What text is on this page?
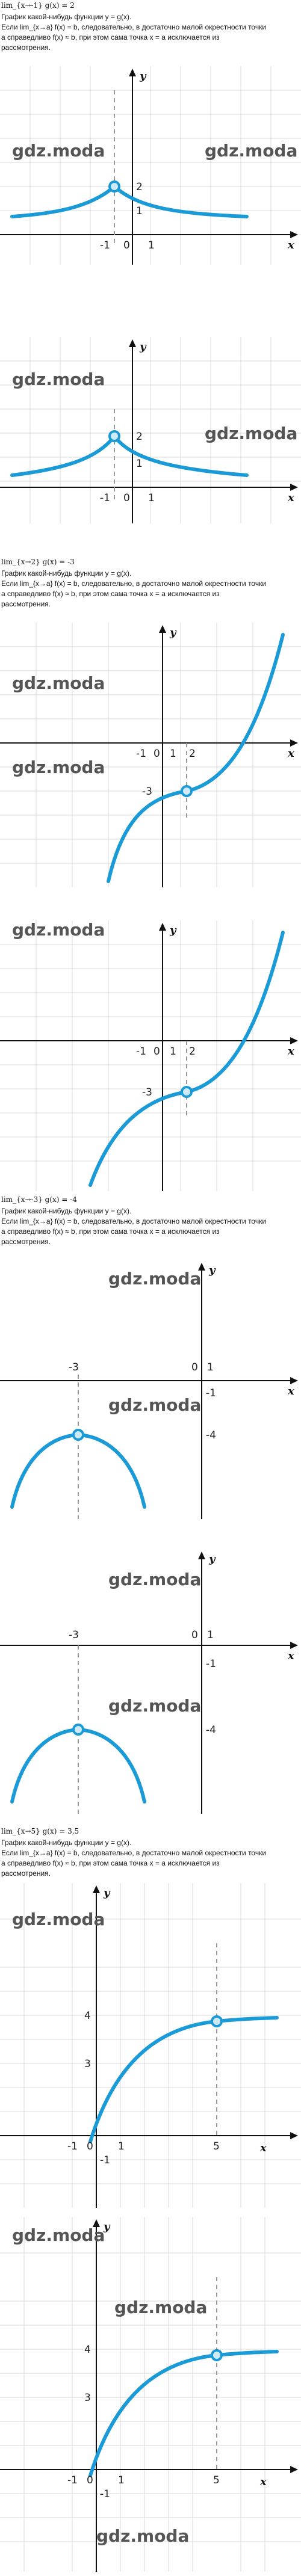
lim_{x→-1} g(x) = 2

График какой-нибудь функции y = g(x).
Если lim_{x→a} f(x) = b, следовательно, в достаточно малой окрестности точки
a справедливо f(x) ≈ b, при этом сама точка x = a исключается из
рассмотрения.
-1 0 1
1
2
x
y
gdz.moda	gdz.moda
-1 0 1
1
2
x
y
gdz.moda
gdz.moda

lim_{x→2} g(x) = -3

График какой-нибудь функции y = g(x).
Если lim_{x→a} f(x) = b, следовательно, в достаточно малой окрестности точки
a справедливо f(x) ≈ b, при этом сама точка x = a исключается из
рассмотрения.
-1 0 1 2
-3
x
y
gdz.moda
gdz.moda
-1 0 1 2
-3
x
y
gdz.moda

lim_{x→-3} g(x) = -4

График какой-нибудь функции y = g(x).
Если lim_{x→a} f(x) = b, следовательно, в достаточно малой окрестности точки
a справедливо f(x) ≈ b, при этом сама точка x = a исключается из
рассмотрения.
-3	0 1
-1
-4
x
y
gdz.moda
gdz.moda
-3	0 1
-1
-4
x
y
gdz.moda
gdz.moda

lim_{x→5} g(x) = 3,5

График какой-нибудь функции y = g(x).
Если lim_{x→a} f(x) = b, следовательно, в достаточно малой окрестности точки
a справедливо f(x) ≈ b, при этом сама точка x = a исключается из
рассмотрения.
-1 0 1	5
-1
3
4
x
y
gdz.moda
-1 0 1	5
-1
3
4
x
y
gdz.moda
gdz.moda
gdz.moda
